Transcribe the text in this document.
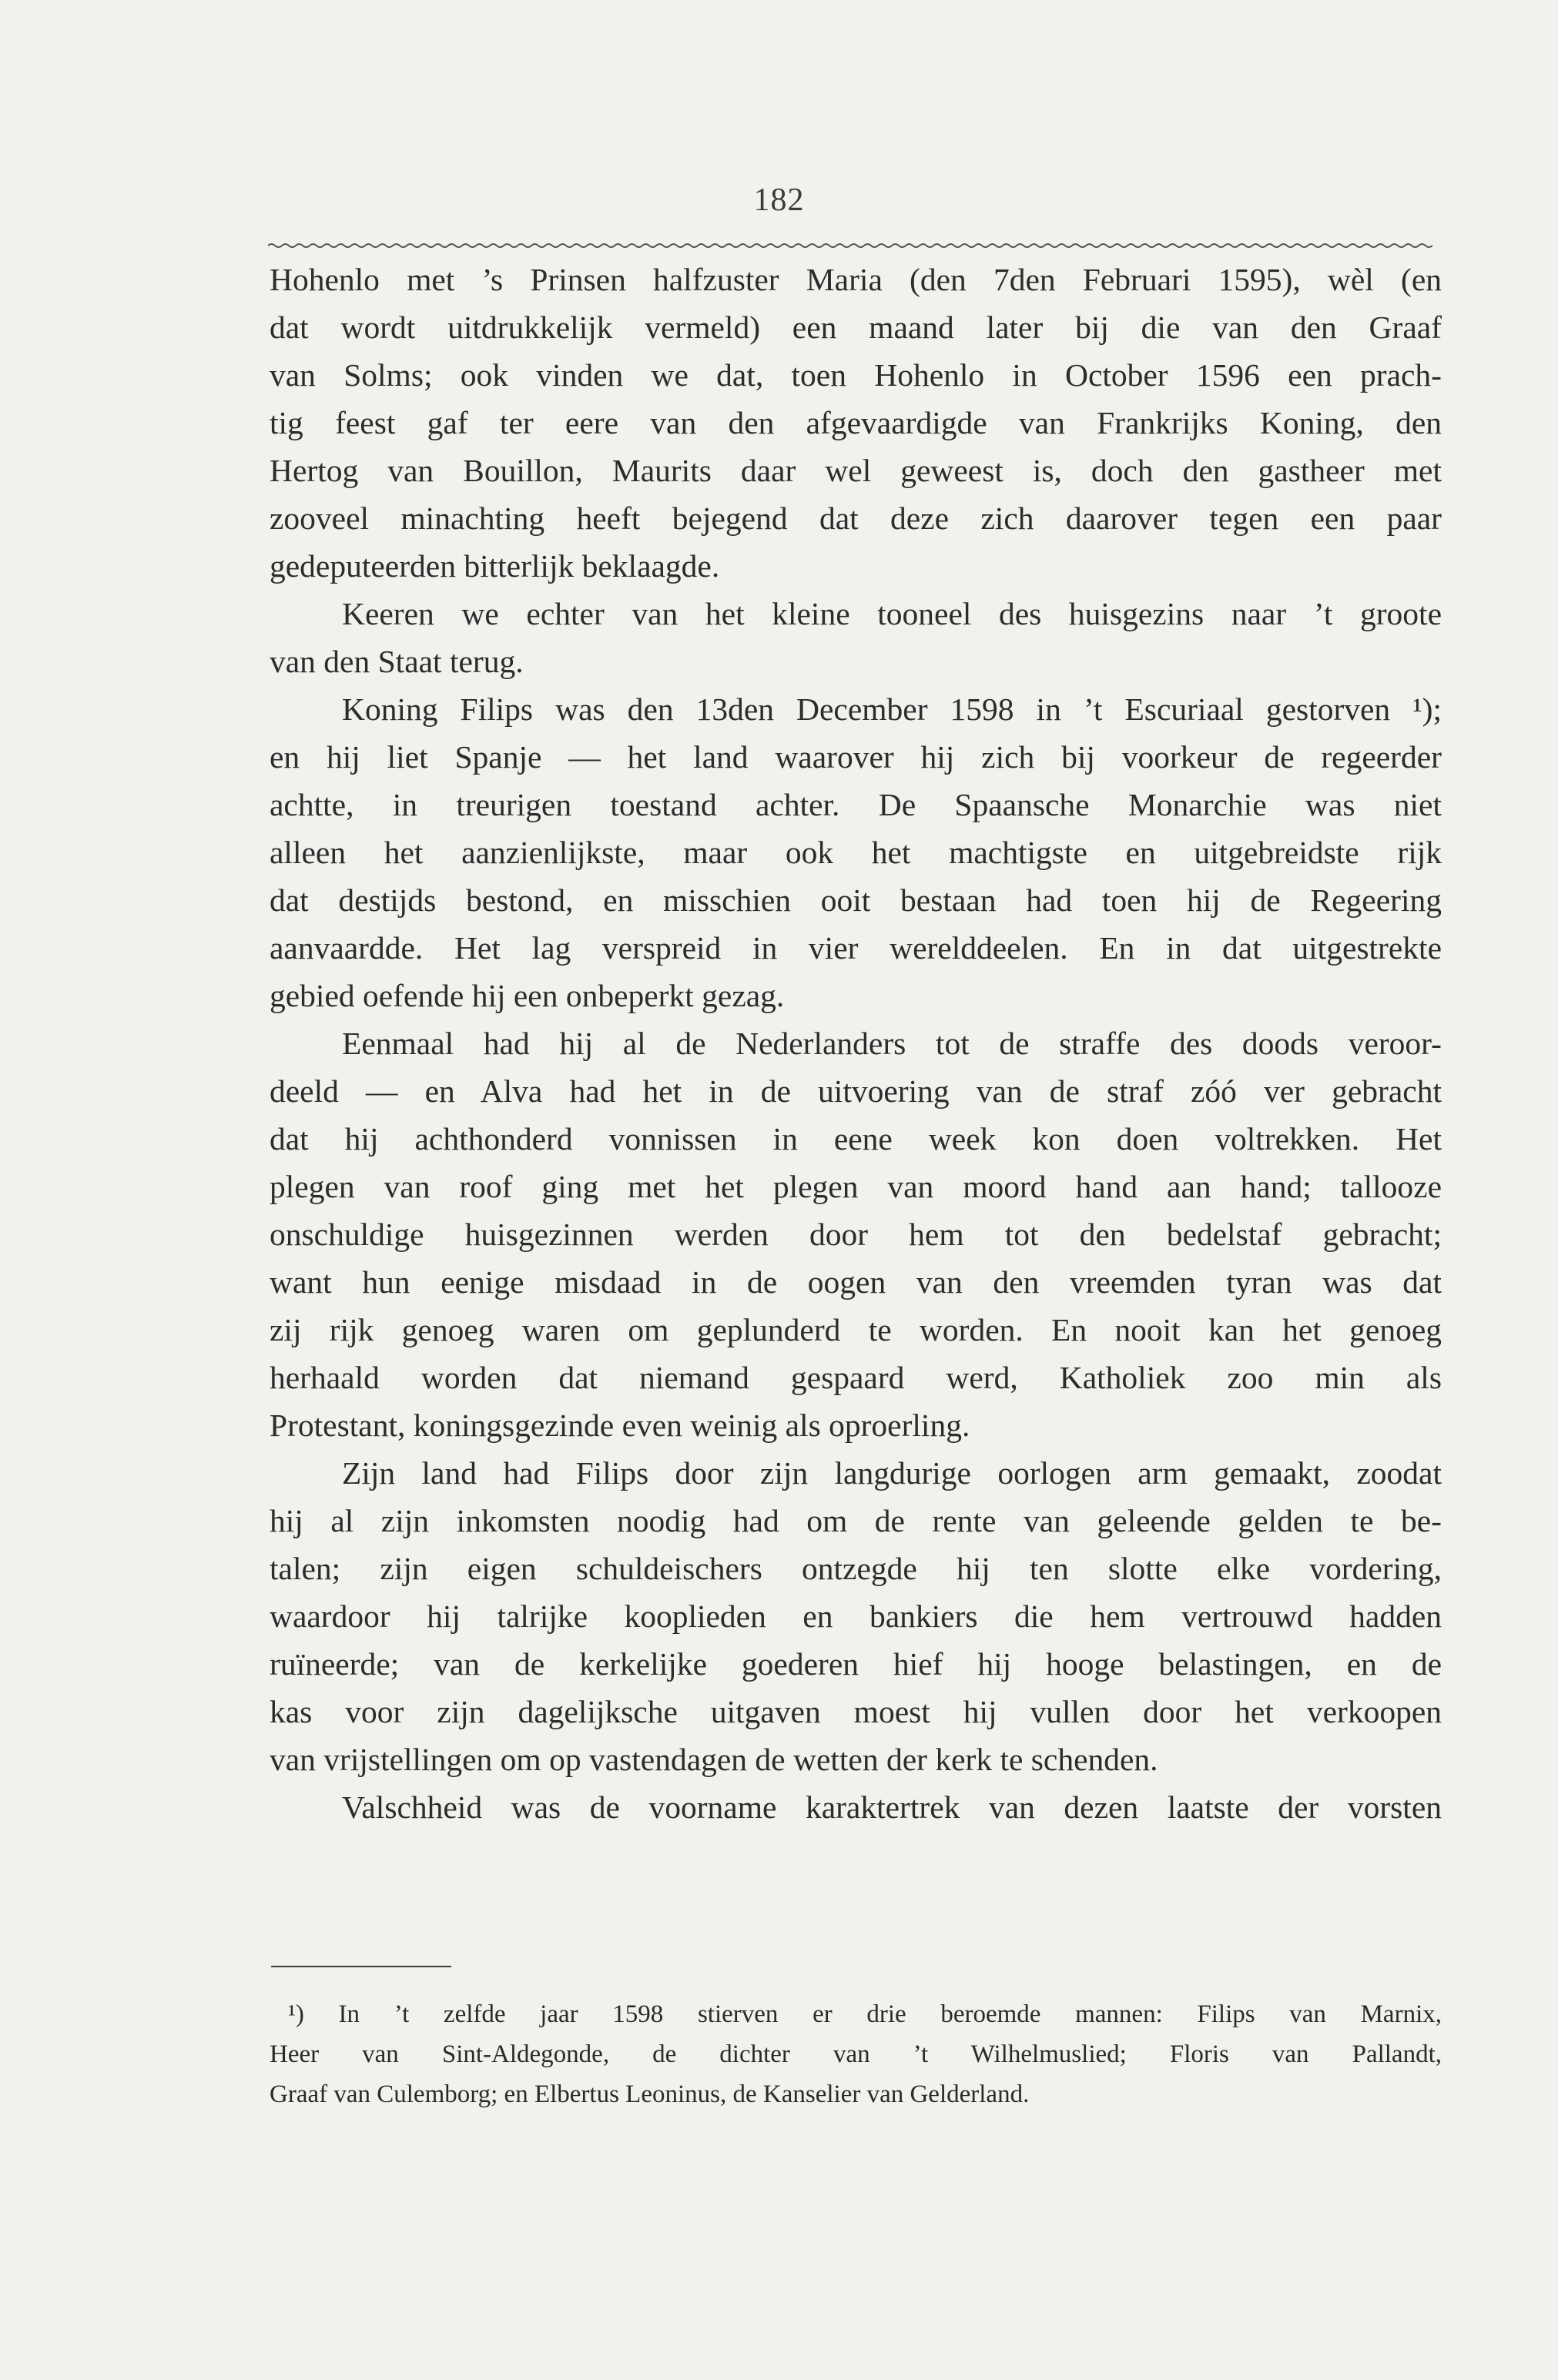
182
Hohenlo met ’s Prinsen halfzuster Maria (den 7den Februari 1595), wèl (en
dat wordt uitdrukkelijk vermeld) een maand later bij die van den Graaf
van Solms; ook vinden we dat, toen Hohenlo in October 1596 een prach-
tig feest gaf ter eere van den afgevaardigde van Frankrijks Koning, den
Hertog van Bouillon, Maurits daar wel geweest is, doch den gastheer met
zooveel minachting heeft bejegend dat deze zich daarover tegen een paar
gedeputeerden bitterlijk beklaagde.
Keeren we echter van het kleine tooneel des huisgezins naar ’t groote
van den Staat terug.
Koning Filips was den 13den December 1598 in ’t Escuriaal gestorven ¹);
en hij liet Spanje — het land waarover hij zich bij voorkeur de regeerder
achtte, in treurigen toestand achter. De Spaansche Monarchie was niet
alleen het aanzienlijkste, maar ook het machtigste en uitgebreidste rijk
dat destijds bestond, en misschien ooit bestaan had toen hij de Regeering
aanvaardde. Het lag verspreid in vier werelddeelen. En in dat uitgestrekte
gebied oefende hij een onbeperkt gezag.
Eenmaal had hij al de Nederlanders tot de straffe des doods veroor-
deeld — en Alva had het in de uitvoering van de straf zóó ver gebracht
dat hij achthonderd vonnissen in eene week kon doen voltrekken. Het
plegen van roof ging met het plegen van moord hand aan hand; tallooze
onschuldige huisgezinnen werden door hem tot den bedelstaf gebracht;
want hun eenige misdaad in de oogen van den vreemden tyran was dat
zij rijk genoeg waren om geplunderd te worden. En nooit kan het genoeg
herhaald worden dat niemand gespaard werd, Katholiek zoo min als
Protestant, koningsgezinde even weinig als oproerling.
Zijn land had Filips door zijn langdurige oorlogen arm gemaakt, zoodat
hij al zijn inkomsten noodig had om de rente van geleende gelden te be-
talen; zijn eigen schuldeischers ontzegde hij ten slotte elke vordering,
waardoor hij talrijke kooplieden en bankiers die hem vertrouwd hadden
ruïneerde; van de kerkelijke goederen hief hij hooge belastingen, en de
kas voor zijn dagelijksche uitgaven moest hij vullen door het verkoopen
van vrijstellingen om op vastendagen de wetten der kerk te schenden.
Valschheid was de voorname karaktertrek van dezen laatste der vorsten
¹) In ’t zelfde jaar 1598 stierven er drie beroemde mannen: Filips van Marnix,
Heer van Sint-Aldegonde, de dichter van ’t Wilhelmuslied; Floris van Pallandt,
Graaf van Culemborg; en Elbertus Leoninus, de Kanselier van Gelderland.
